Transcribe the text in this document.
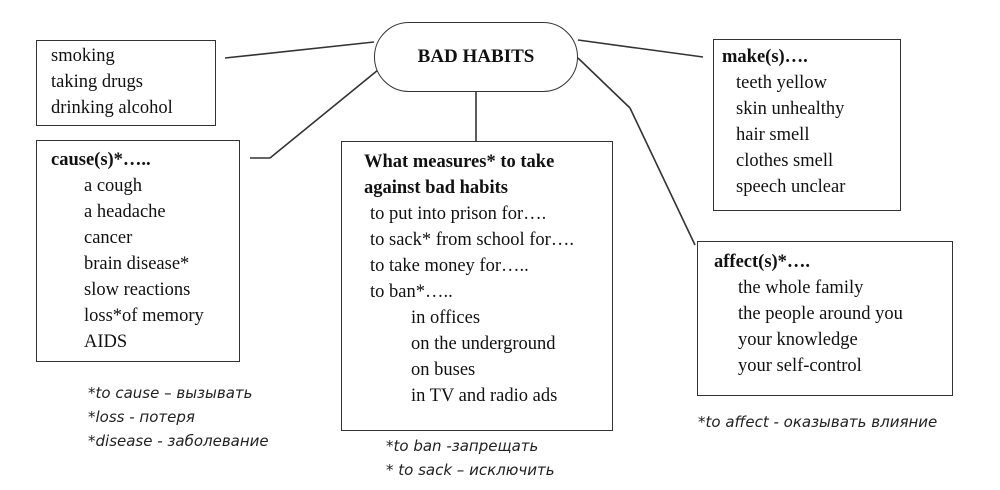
BAD HABITS
smoking
taking drugs
drinking alcohol
cause(s)*…..
a cough
a headache
cancer
brain disease*
slow reactions
loss*of memory
AIDS
What measures* to take
against bad habits
to put into prison for….
to sack* from school for….
to take money for…..
to ban*…..
in offices
on the underground
on buses
in TV and radio ads
make(s)….
teeth yellow
skin unhealthy
hair smell
clothes smell
speech unclear
affect(s)*….
the whole family
the people around you
your knowledge
your self-control
*to cause – вызывать
*loss - потеря
*disease - заболевание	*to ban -запрещать
* to sack – исключить
*to affect - оказывать влияние
